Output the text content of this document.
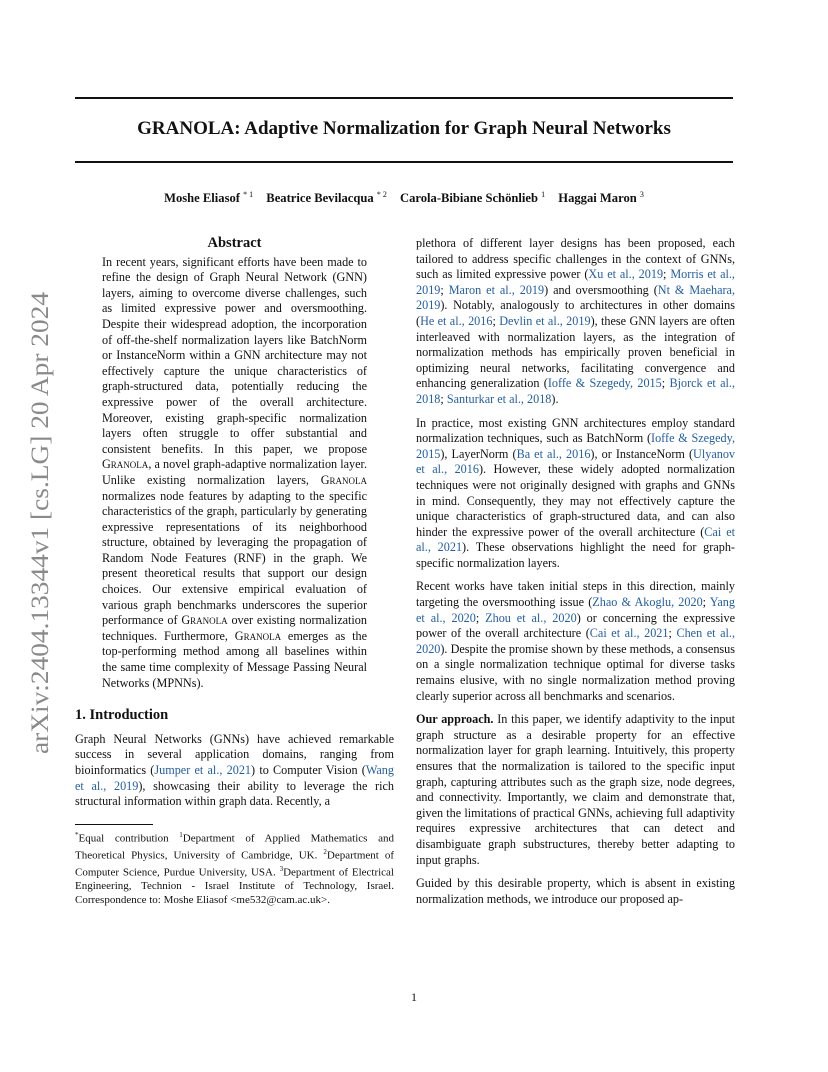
GRANOLA: Adaptive Normalization for Graph Neural Networks
Moshe Eliasof $^{* 1}$ Beatrice Bevilacqua $^{* 2}$ Carola-Bibiane Schönlieb $^1$ Haggai Maron $^3$
arXiv:2404.13344v1 [cs.LG] 20 Apr 2024
Abstract
In recent years, significant efforts have been made to refine the design of Graph Neural Network (GNN) layers, aiming to overcome diverse challenges, such as limited expressive power and oversmoothing. Despite their widespread adoption, the incorporation of off-the-shelf normalization layers like BatchNorm or InstanceNorm within a GNN architecture may not effectively capture the unique characteristics of graph-structured data, potentially reducing the expressive power of the overall architecture. Moreover, existing graph-specific normalization layers often struggle to offer substantial and consistent benefits. In this paper, we propose Granola, a novel graph-adaptive normalization layer. Unlike existing normalization layers, Granola normalizes node features by adapting to the specific characteristics of the graph, particularly by generating expressive representations of its neighborhood structure, obtained by leveraging the propagation of Random Node Features (RNF) in the graph. We present theoretical results that support our design choices. Our extensive empirical evaluation of various graph benchmarks underscores the superior performance of Granola over existing normalization techniques. Furthermore, Granola emerges as the top-performing method among all baselines within the same time complexity of Message Passing Neural Networks (MPNNs).
1. Introduction

Graph Neural Networks (GNNs) have achieved remarkable success in several application domains, ranging from bioinformatics (Jumper et al., 2021) to Computer Vision (Wang et al., 2019), showcasing their ability to leverage the rich structural information within graph data. Recently, a

*Equal contribution $^1$Department of Applied Mathematics and Theoretical Physics, University of Cambridge, UK. $^2$Department of Computer Science, Purdue University, USA. $^3$Department of Electrical Engineering, Technion - Israel Institute of Technology, Israel. Correspondence to: Moshe Eliasof <me532@cam.ac.uk>.

plethora of different layer designs has been proposed, each tailored to address specific challenges in the context of GNNs, such as limited expressive power (Xu et al., 2019; Morris et al., 2019; Maron et al., 2019) and oversmoothing (Nt & Maehara, 2019). Notably, analogously to architectures in other domains (He et al., 2016; Devlin et al., 2019), these GNN layers are often interleaved with normalization layers, as the integration of normalization methods has empirically proven beneficial in optimizing neural networks, facilitating convergence and enhancing generalization (Ioffe & Szegedy, 2015; Bjorck et al., 2018; Santurkar et al., 2018).

In practice, most existing GNN architectures employ standard normalization techniques, such as BatchNorm (Ioffe & Szegedy, 2015), LayerNorm (Ba et al., 2016), or InstanceNorm (Ulyanov et al., 2016). However, these widely adopted normalization techniques were not originally designed with graphs and GNNs in mind. Consequently, they may not effectively capture the unique characteristics of graph-structured data, and can also hinder the expressive power of the overall architecture (Cai et al., 2021). These observations highlight the need for graph-specific normalization layers.

Recent works have taken initial steps in this direction, mainly targeting the oversmoothing issue (Zhao & Akoglu, 2020; Yang et al., 2020; Zhou et al., 2020) or concerning the expressive power of the overall architecture (Cai et al., 2021; Chen et al., 2020). Despite the promise shown by these methods, a consensus on a single normalization technique optimal for diverse tasks remains elusive, with no single normalization method proving clearly superior across all benchmarks and scenarios.

Our approach. In this paper, we identify adaptivity to the input graph structure as a desirable property for an effective normalization layer for graph learning. Intuitively, this property ensures that the normalization is tailored to the specific input graph, capturing attributes such as the graph size, node degrees, and connectivity. Importantly, we claim and demonstrate that, given the limitations of practical GNNs, achieving full adaptivity requires expressive architectures that can detect and disambiguate graph substructures, thereby better adapting to input graphs.

Guided by this desirable property, which is absent in existing normalization methods, we introduce our proposed ap-

1
